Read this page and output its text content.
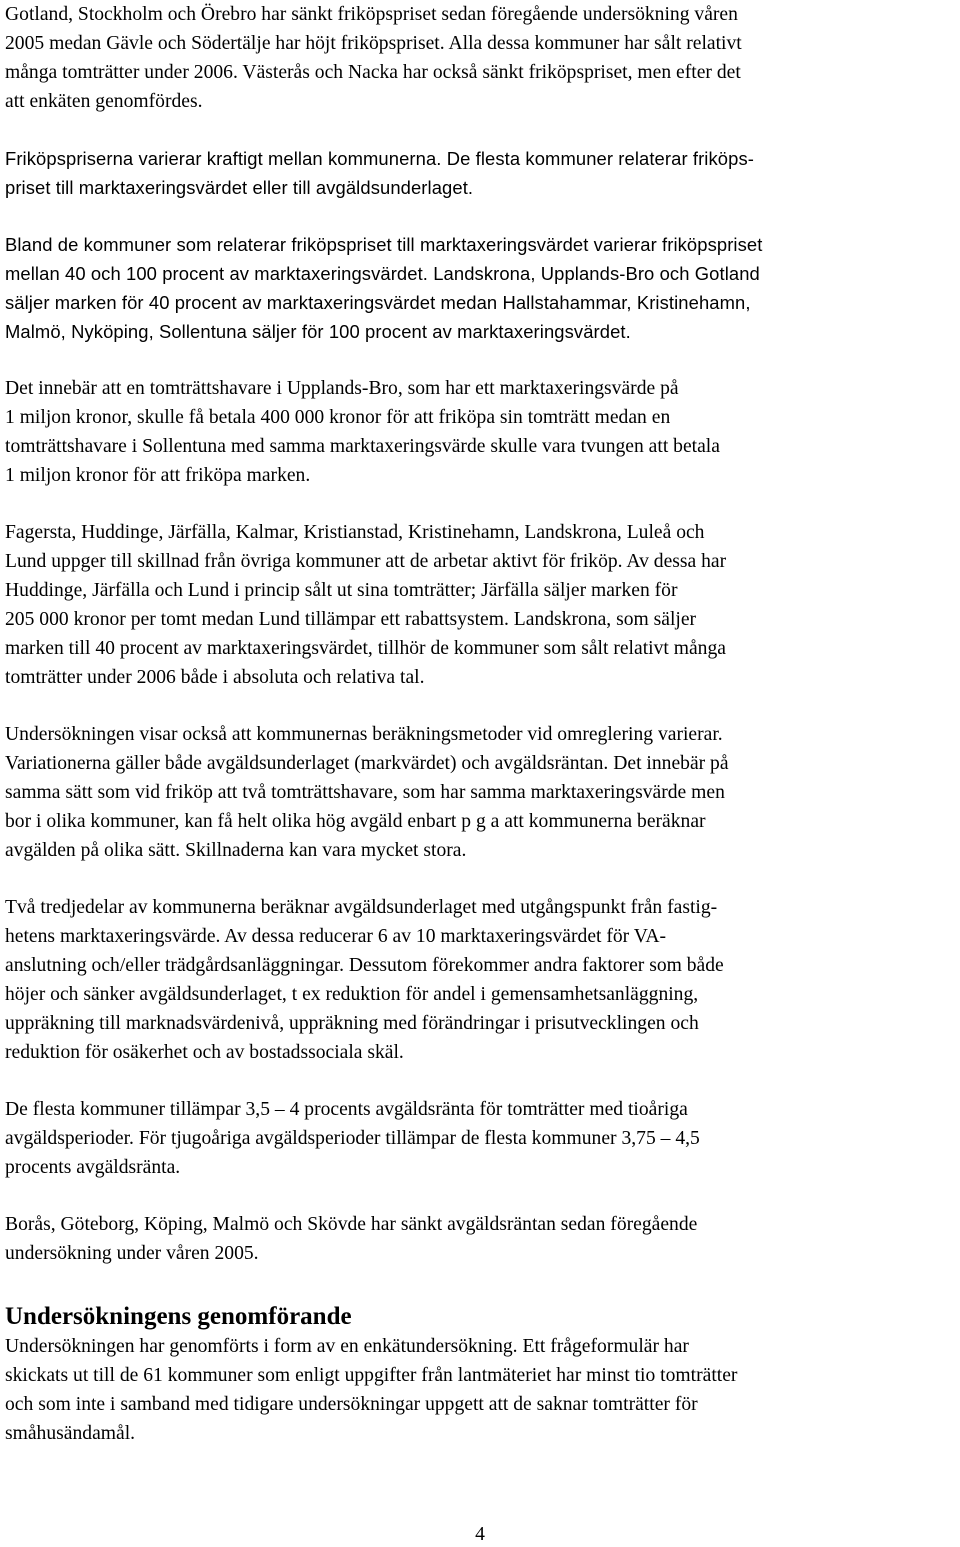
Gotland, Stockholm och Örebro har sänkt friköpspriset sedan föregående undersökning våren
2005 medan Gävle och Södertälje har höjt friköpspriset. Alla dessa kommuner har sålt relativt
många tomträtter under 2006. Västerås och Nacka har också sänkt friköpspriset, men efter det
att enkäten genomfördes.

Friköpspriserna varierar kraftigt mellan kommunerna. De flesta kommuner relaterar friköps-
priset till marktaxeringsvärdet eller till avgäldsunderlaget.

Bland de kommuner som relaterar friköpspriset till marktaxeringsvärdet varierar friköpspriset
mellan 40 och 100 procent av marktaxeringsvärdet. Landskrona, Upplands-Bro och Gotland
säljer marken för 40 procent av marktaxeringsvärdet medan Hallstahammar, Kristinehamn,
Malmö, Nyköping, Sollentuna säljer för 100 procent av marktaxeringsvärdet.

Det innebär att en tomträttshavare i Upplands-Bro, som har ett marktaxeringsvärde på
1 miljon kronor, skulle få betala 400 000 kronor för att friköpa sin tomträtt medan en
tomträttshavare i Sollentuna med samma marktaxeringsvärde skulle vara tvungen att betala
1 miljon kronor för att friköpa marken.

Fagersta, Huddinge, Järfälla, Kalmar, Kristianstad, Kristinehamn, Landskrona, Luleå och
Lund uppger till skillnad från övriga kommuner att de arbetar aktivt för friköp. Av dessa har
Huddinge, Järfälla och Lund i princip sålt ut sina tomträtter; Järfälla säljer marken för
205 000 kronor per tomt medan Lund tillämpar ett rabattsystem. Landskrona, som säljer
marken till 40 procent av marktaxeringsvärdet, tillhör de kommuner som sålt relativt många
tomträtter under 2006 både i absoluta och relativa tal.

Undersökningen visar också att kommunernas beräkningsmetoder vid omreglering varierar.
Variationerna gäller både avgäldsunderlaget (markvärdet) och avgäldsräntan. Det innebär på
samma sätt som vid friköp att två tomträttshavare, som har samma marktaxeringsvärde men
bor i olika kommuner, kan få helt olika hög avgäld enbart p g a att kommunerna beräknar
avgälden på olika sätt. Skillnaderna kan vara mycket stora.

Två tredjedelar av kommunerna beräknar avgäldsunderlaget med utgångspunkt från fastig-
hetens marktaxeringsvärde. Av dessa reducerar 6 av 10 marktaxeringsvärdet för VA-
anslutning och/eller trädgårdsanläggningar. Dessutom förekommer andra faktorer som både
höjer och sänker avgäldsunderlaget, t ex reduktion för andel i gemensamhetsanläggning,
uppräkning till marknadsvärdenivå, uppräkning med förändringar i prisutvecklingen och
reduktion för osäkerhet och av bostadssociala skäl.

De flesta kommuner tillämpar 3,5 – 4 procents avgäldsränta för tomträtter med tioåriga
avgäldsperioder. För tjugoåriga avgäldsperioder tillämpar de flesta kommuner 3,75 – 4,5
procents avgäldsränta.

Borås, Göteborg, Köping, Malmö och Skövde har sänkt avgäldsräntan sedan föregående
undersökning under våren 2005.

Undersökningens genomförande

Undersökningen har genomförts i form av en enkätundersökning. Ett frågeformulär har
skickats ut till de 61 kommuner som enligt uppgifter från lantmäteriet har minst tio tomträtter
och som inte i samband med tidigare undersökningar uppgett att de saknar tomträtter för
småhusändamål.

4
